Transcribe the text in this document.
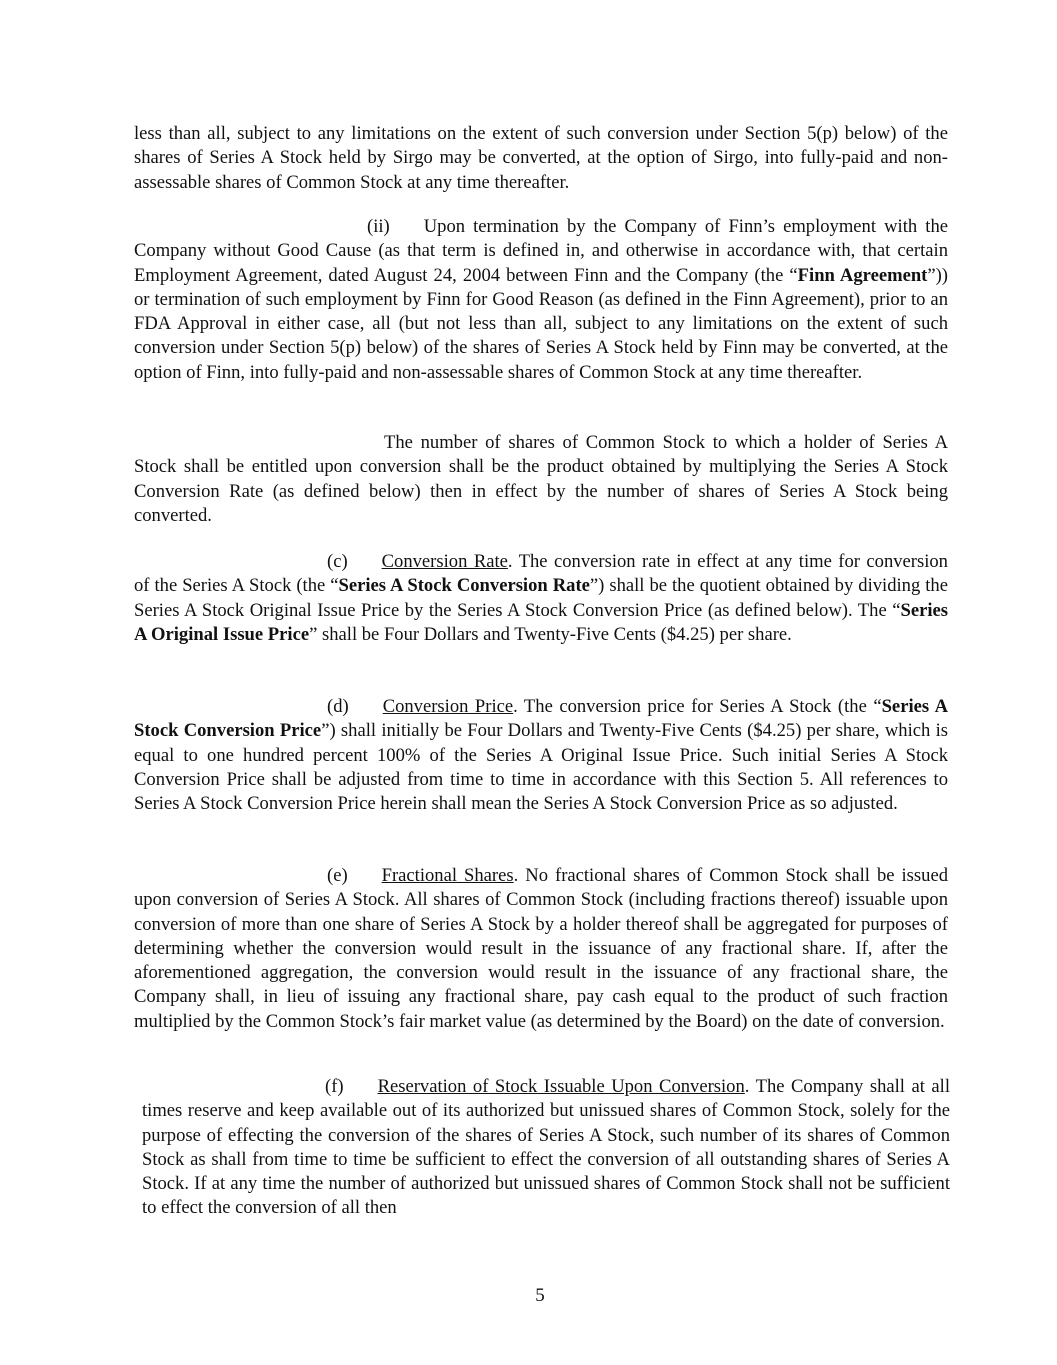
less than all, subject to any limitations on the extent of such conversion under Section 5(p) below) of the shares of Series A Stock held by Sirgo may be converted, at the option of Sirgo, into fully-paid and non-assessable shares of Common Stock at any time thereafter.

(ii) Upon termination by the Company of Finn’s employment with the Company without Good Cause (as that term is defined in, and otherwise in accordance with, that certain Employment Agreement, dated August 24, 2004 between Finn and the Company (the “Finn Agreement”)) or termination of such employment by Finn for Good Reason (as defined in the Finn Agreement), prior to an FDA Approval in either case, all (but not less than all, subject to any limitations on the extent of such conversion under Section 5(p) below) of the shares of Series A Stock held by Finn may be converted, at the option of Finn, into fully-paid and non-assessable shares of Common Stock at any time thereafter.

The number of shares of Common Stock to which a holder of Series A Stock shall be entitled upon conversion shall be the product obtained by multiplying the Series A Stock Conversion Rate (as defined below) then in effect by the number of shares of Series A Stock being converted.

(c) Conversion Rate. The conversion rate in effect at any time for conversion of the Series A Stock (the “Series A Stock Conversion Rate”) shall be the quotient obtained by dividing the Series A Stock Original Issue Price by the Series A Stock Conversion Price (as defined below). The “Series A Original Issue Price” shall be Four Dollars and Twenty-Five Cents ($4.25) per share.

(d) Conversion Price. The conversion price for Series A Stock (the “Series A Stock Conversion Price”) shall initially be Four Dollars and Twenty-Five Cents ($4.25) per share, which is equal to one hundred percent 100% of the Series A Original Issue Price. Such initial Series A Stock Conversion Price shall be adjusted from time to time in accordance with this Section 5. All references to Series A Stock Conversion Price herein shall mean the Series A Stock Conversion Price as so adjusted.

(e) Fractional Shares. No fractional shares of Common Stock shall be issued upon conversion of Series A Stock. All shares of Common Stock (including fractions thereof) issuable upon conversion of more than one share of Series A Stock by a holder thereof shall be aggregated for purposes of determining whether the conversion would result in the issuance of any fractional share. If, after the aforementioned aggregation, the conversion would result in the issuance of any fractional share, the Company shall, in lieu of issuing any fractional share, pay cash equal to the product of such fraction multiplied by the Common Stock’s fair market value (as determined by the Board) on the date of conversion.

(f) Reservation of Stock Issuable Upon Conversion. The Company shall at all times reserve and keep available out of its authorized but unissued shares of Common Stock, solely for the purpose of effecting the conversion of the shares of Series A Stock, such number of its shares of Common Stock as shall from time to time be sufficient to effect the conversion of all outstanding shares of Series A Stock. If at any time the number of authorized but unissued shares of Common Stock shall not be sufficient to effect the conversion of all then

5
